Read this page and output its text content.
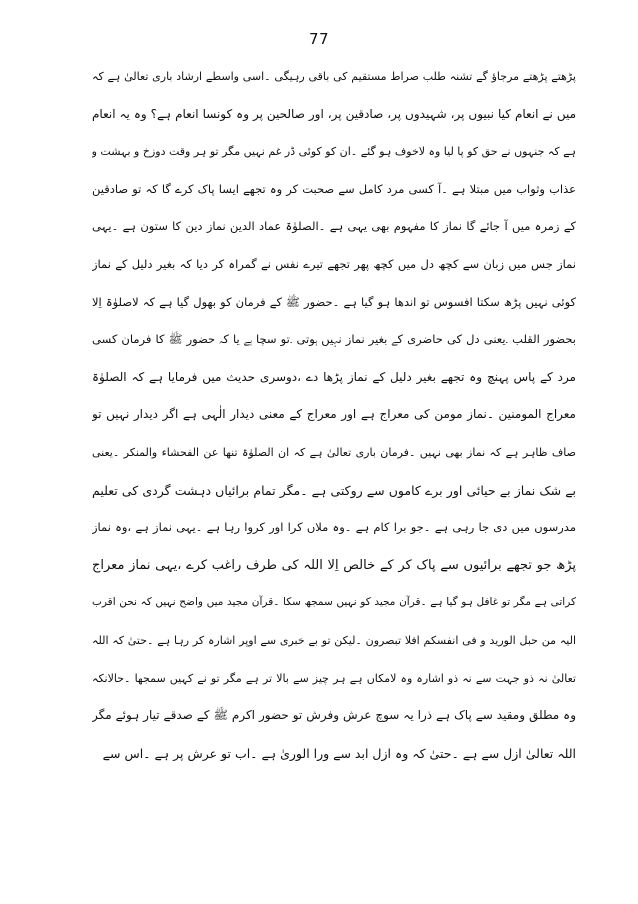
77
پڑھتے پڑھتے مرجاؤ گے تشنہ طلب صراط مستقیم کی باقی رہیگی ۔اسی واسطے ارشاد باری تعالیٰ ہے کہ
میں نے انعام کیا نبیوں پر، شہیدوں پر، صادقین پر، اور صالحین پر وہ کونسا انعام ہے؟ وہ یہ انعام
ہے کہ جنہوں نے حق کو پا لیا وہ لاخوف ہو گئے ۔ان کو کوئی ڈر غم نہیں مگر تو ہر وقت دوزخ و بہشت و
عذاب وثواب میں مبتلا ہے ۔آ کسی مرد کامل سے صحبت کر وہ تجھے ایسا پاک کرے گا کہ تو صادقین
کے زمرہ میں آ جائے گا نماز کا مفہوم بھی یہی ہے ۔الصلوٰۃ عماد الدین نماز دین کا ستون ہے ۔یہی
نماز جس میں زبان سے کچھ دل میں کچھ پھر تجھے تیرے نفس نے گمراہ کر دیا کہ بغیر دلیل کے نماز
کوئی نہیں پڑھ سکتا افسوس تو اندھا ہو گیا ہے ۔حضور ﷺ کے فرمان کو بھول گیا ہے کہ لاصلوٰۃ اِلا
بحضور القلب ۔یعنی دل کی حاضری کے بغیر نماز نہیں ہوتی ۔تو سچا ہے یا کہ حضور ﷺ کا فرمان کسی
مرد کے پاس پہنچ وہ تجھے بغیر دلیل کے نماز پڑھا دے ،دوسری حدیث میں فرمایا ہے کہ الصلوٰۃ
معراج المومنین ۔نماز مومن کی معراج ہے اور معراج کے معنی دیدار الٰہی ہے اگر دیدار نہیں تو
صاف ظاہر ہے کہ نماز بھی نہیں ۔فرمان باری تعالیٰ ہے کہ ان الصلوٰۃ تنھا عن الفحشاء والمنکر ۔یعنی
بے شک نماز بے حیائی اور برے کاموں سے روکتی ہے ۔مگر تمام برائیاں دہشت گردی کی تعلیم
مدرسوں میں دی جا رہی ہے ۔جو برا کام ہے ۔وہ ملاں کرا اور کروا رہا ہے ۔یہی نماز ہے ،وہ نماز
پڑھ جو تجھے برائیوں سے پاک کر کے خالص اِلا اللہ کی طرف راغب کرے ،یہی نماز معراج
کراتی ہے مگر تو غافل ہو گیا ہے ۔قرآن مجید کو نہیں سمجھ سکا ۔قرآن مجید میں واضح نہیں کہ نحن اقرب
الیہ من حبل الورید و فی انفسکم افلا تبصرون ۔لیکن تو بے خبری سے اوپر اشارہ کر رہا ہے ۔حتیٰ کہ اللہ
تعالیٰ نہ ذو جہت سے نہ ذو اشارہ وہ لامکاں ہے ہر چیز سے بالا تر ہے مگر تو نے کہیں سمجھا ۔حالانکہ
وہ مطلق ومقید سے پاک ہے ذرا یہ سوچ عرش وفرش تو حضور اکرم ﷺ کے صدقے تیار ہوئے مگر
اللہ تعالیٰ ازل سے ہے ۔حتیٰ کہ وہ ازل ابد سے ورا الوریٰ ہے ۔اب تو عرش پر ہے ۔اس سے
